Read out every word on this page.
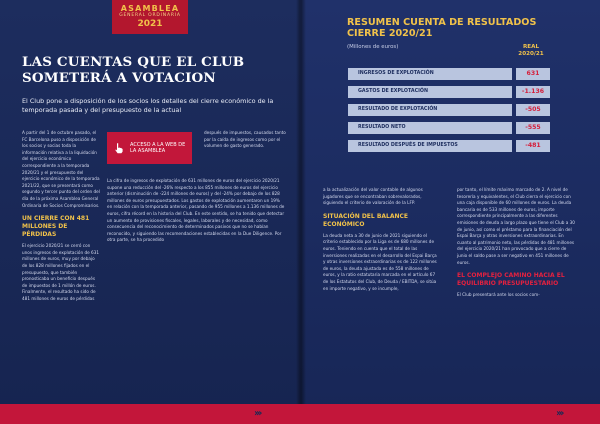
ASAMBLEA
GENERAL ORDINARIA
2021
LAS CUENTAS QUE EL CLUB SOMETERÁ A VOTACION

El Club pone a disposición de los socios los detalles del cierre económico de la temporada pasada y del presupuesto de la actual

A partir del 1 de octubre pasado, el FC Barcelona puso a disposición de los socios y socias toda la información relativa a la liquidación del ejercicio económico correspondiente a la temporada 2020/21 y el presupuesto del ejercicio económico de la temporada 2021/22, que se presentará como segundo y tercer punto del orden del día de la próxima Asamblea General Ordinaria de Socios Compromisarios.

UN CIERRE CON 481 MILLONES DE PÉRDIDAS

El ejercicio 2020/21 se cerró con unos ingresos de explotación de 631 millones de euros, muy por debajo de los 828 millones fijados en el presupuesto, que también pronosticaba un beneficio después de impuestos de 1 millón de euros. Finalmente, el resultado ha sido de 481 millones de euros de pérdidas

ACCESO A LA WEB DE LA ASAMBLEA

después de impuestos, causados tanto por la caída de ingresos como por el volumen de gasto generado.

La cifra de ingresos de explotación de 631 millones de euros del ejercicio 2020/21 supone una reducción del -26% respecto a los 855 millones de euros del ejercicio anterior (disminución de -224 millones de euros) y del -24% por debajo de los 828 millones de euros presupuestados. Los gastos de explotación aumentaron un 19% en relación con la temporada anterior, pasando de 955 millones a 1.136 millones de euros, cifra récord en la historia del Club. En este sentido, se ha tenido que detectar un aumento de provisiones fiscales, legales, laborales y de necesidad, como consecuencia del reconocimiento de determinados pasivos que no se habían reconocido, y siguiendo las recomendaciones establecidas en la Due Diligence. Por otra parte, se ha procedido

RESUMEN CUENTA DE RESULTADOS CIERRE 2020/21
(Millones de euros)	REAL 2020/21
INGRESOS DE EXPLOTACIÓN	631
GASTOS DE EXPLOTACIÓN	-1.136
RESULTADO DE EXPLOTACIÓN	-505
RESULTADO NETO	-555
RESULTADO DESPUÉS DE IMPUESTOS	-481

a la actualización del valor contable de algunos jugadores que se encontraban sobrevalorados, siguiendo el criterio de valoración de la LFP.

SITUACIÓN DEL BALANCE ECONÓMICO

La deuda neta a 30 de junio de 2021 siguiendo el criterio establecido por la Liga es de 680 millones de euros. Teniendo en cuenta que el total de las inversiones realizadas en el desarrollo del Espai Barça y otras inversiones extraordinarias es de 122 millones de euros, la deuda ajustada es de 558 millones de euros, y la ratio estatutaria marcada en el artículo 67 de los Estatutos del Club, de Deuda / EBITDA, se sitúa en importe negativo, y se incumple,

por tanto, el límite máximo marcado de 2. A nivel de tesorería y equivalentes, el Club cierra el ejercicio con una caja disponible de 60 millones de euros. La deuda bancaria es de 533 millones de euros, importe correspondiente principalmente a las diferentes emisiones de deuda a largo plazo que tiene el Club a 30 de junio, así como el préstamo para la financiación del Espai Barça y otras inversiones extraordinarias. En cuanto al patrimonio neto, las pérdidas de 481 millones del ejercicio 2020/21 han provocado que a cierre de junio el saldo pase a ser negativo en 451 millones de euros.

EL COMPLEJO CAMINO HACIA EL EQUILIBRIO PRESUPUESTARIO

El Club presentará ante los socios com-

›››	›››
